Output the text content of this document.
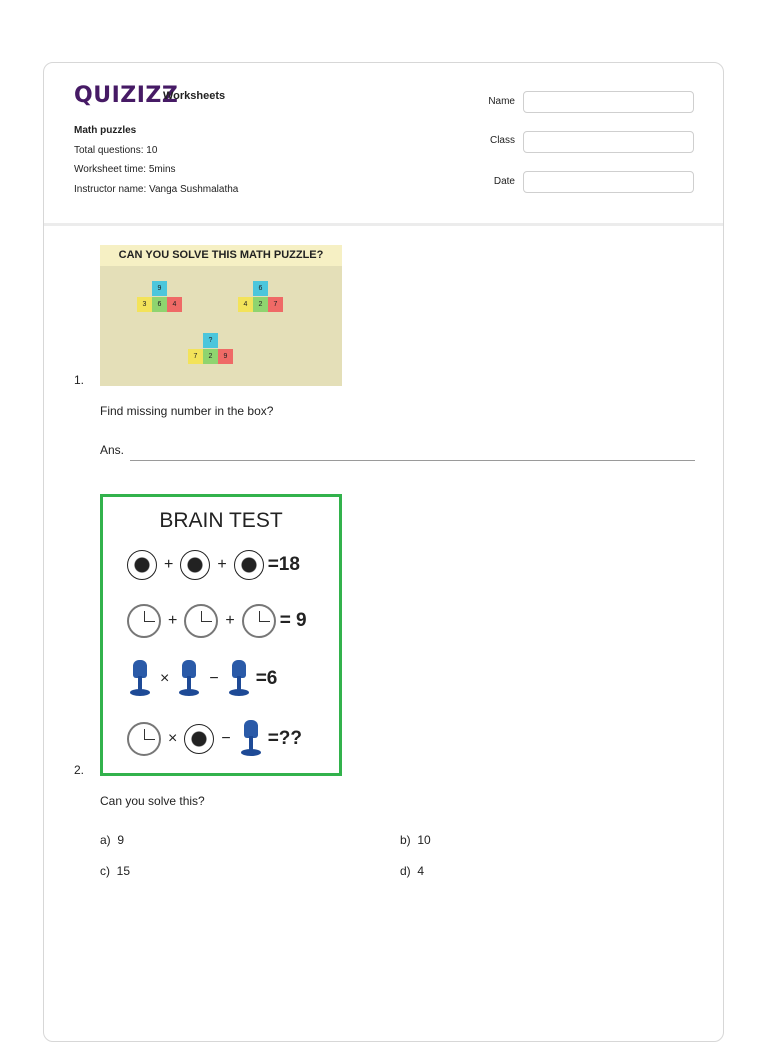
QUIZIZZ
Worksheets
Math puzzles
Total questions: 10
Worksheet time: 5mins
Instructor name: Vanga Sushmalatha
Name
Class
Date
1.
CAN YOU SOLVE THIS MATH PUZZLE?
9
3	6	4
6
4	2	7
?
7	2	9
Find missing number in the box?
Ans.
2.
BRAIN TEST
+	+ =18
+	+ = 9
×	− =6
×	− =??
Can you solve this?
a) 9	b) 10
c) 15	d) 4
